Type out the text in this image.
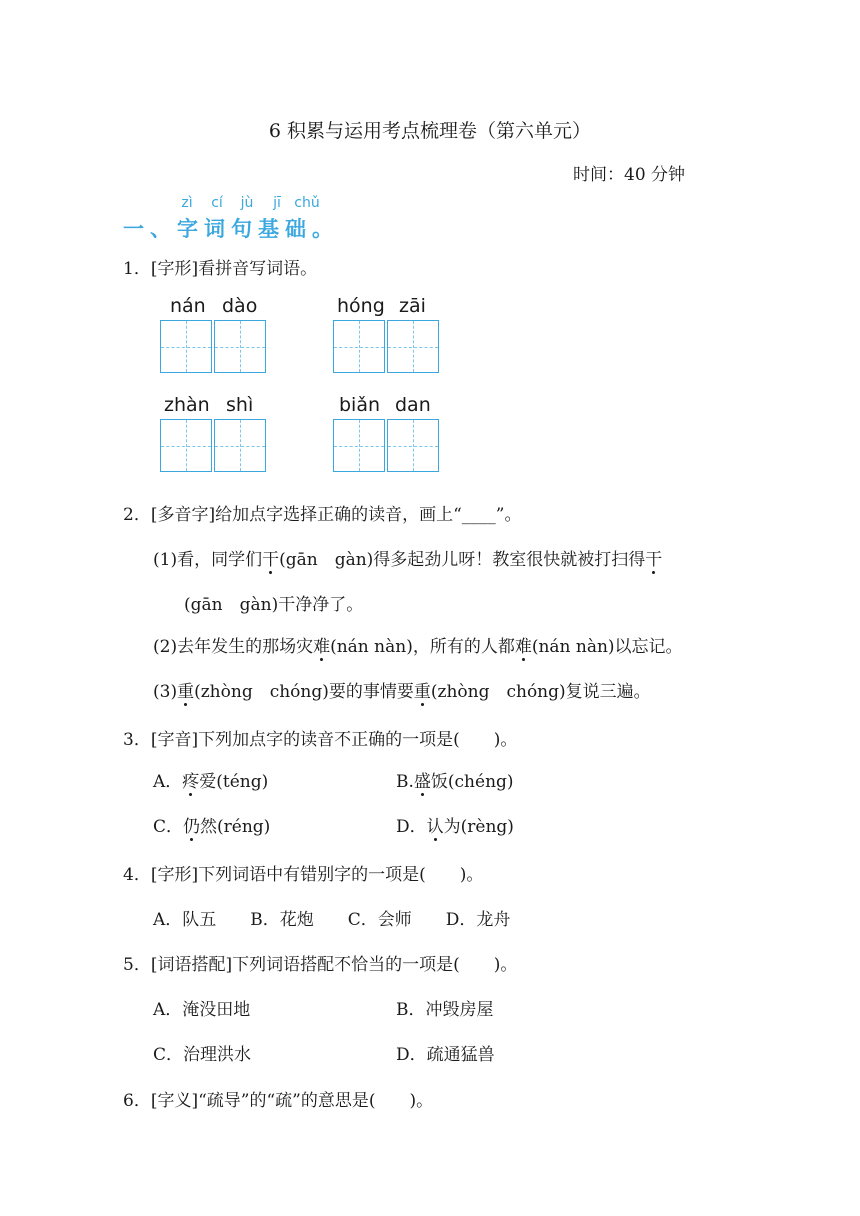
6 积累与运用考点梳理卷（第六单元）
时间：40 分钟
zì cí jù jī chǔ
一、字词句基础。
1．[字形]看拼音写词语。
nán dào	hóng zāi
zhàn shì	biǎn dan
2．[多音字]给加点字选择正确的读音，画上“____”。
(1)看，同学们干(gān　gàn)得多起劲儿呀！教室很快就被打扫得干
(gān　gàn)干净净了。
(2)去年发生的那场灾难(nán nàn)，所有的人都难(nán nàn)以忘记。
(3)重(zhòng　chóng)要的事情要重(zhòng　chóng)复说三遍。
3．[字音]下列加点字的读音不正确的一项是(　　)。
A．疼爱(téng)	B.盛饭(chéng)
C．仍然(réng)	D．认为(rèng)
4．[字形]下列词语中有错别字的一项是(　　)。
A．队五　　B．花炮　　C．会师　　D．龙舟
5．[词语搭配]下列词语搭配不恰当的一项是(　　)。
A．淹没田地	B．冲毁房屋
C．治理洪水	D．疏通猛兽
6．[字义]“疏导”的“疏”的意思是(　　)。
